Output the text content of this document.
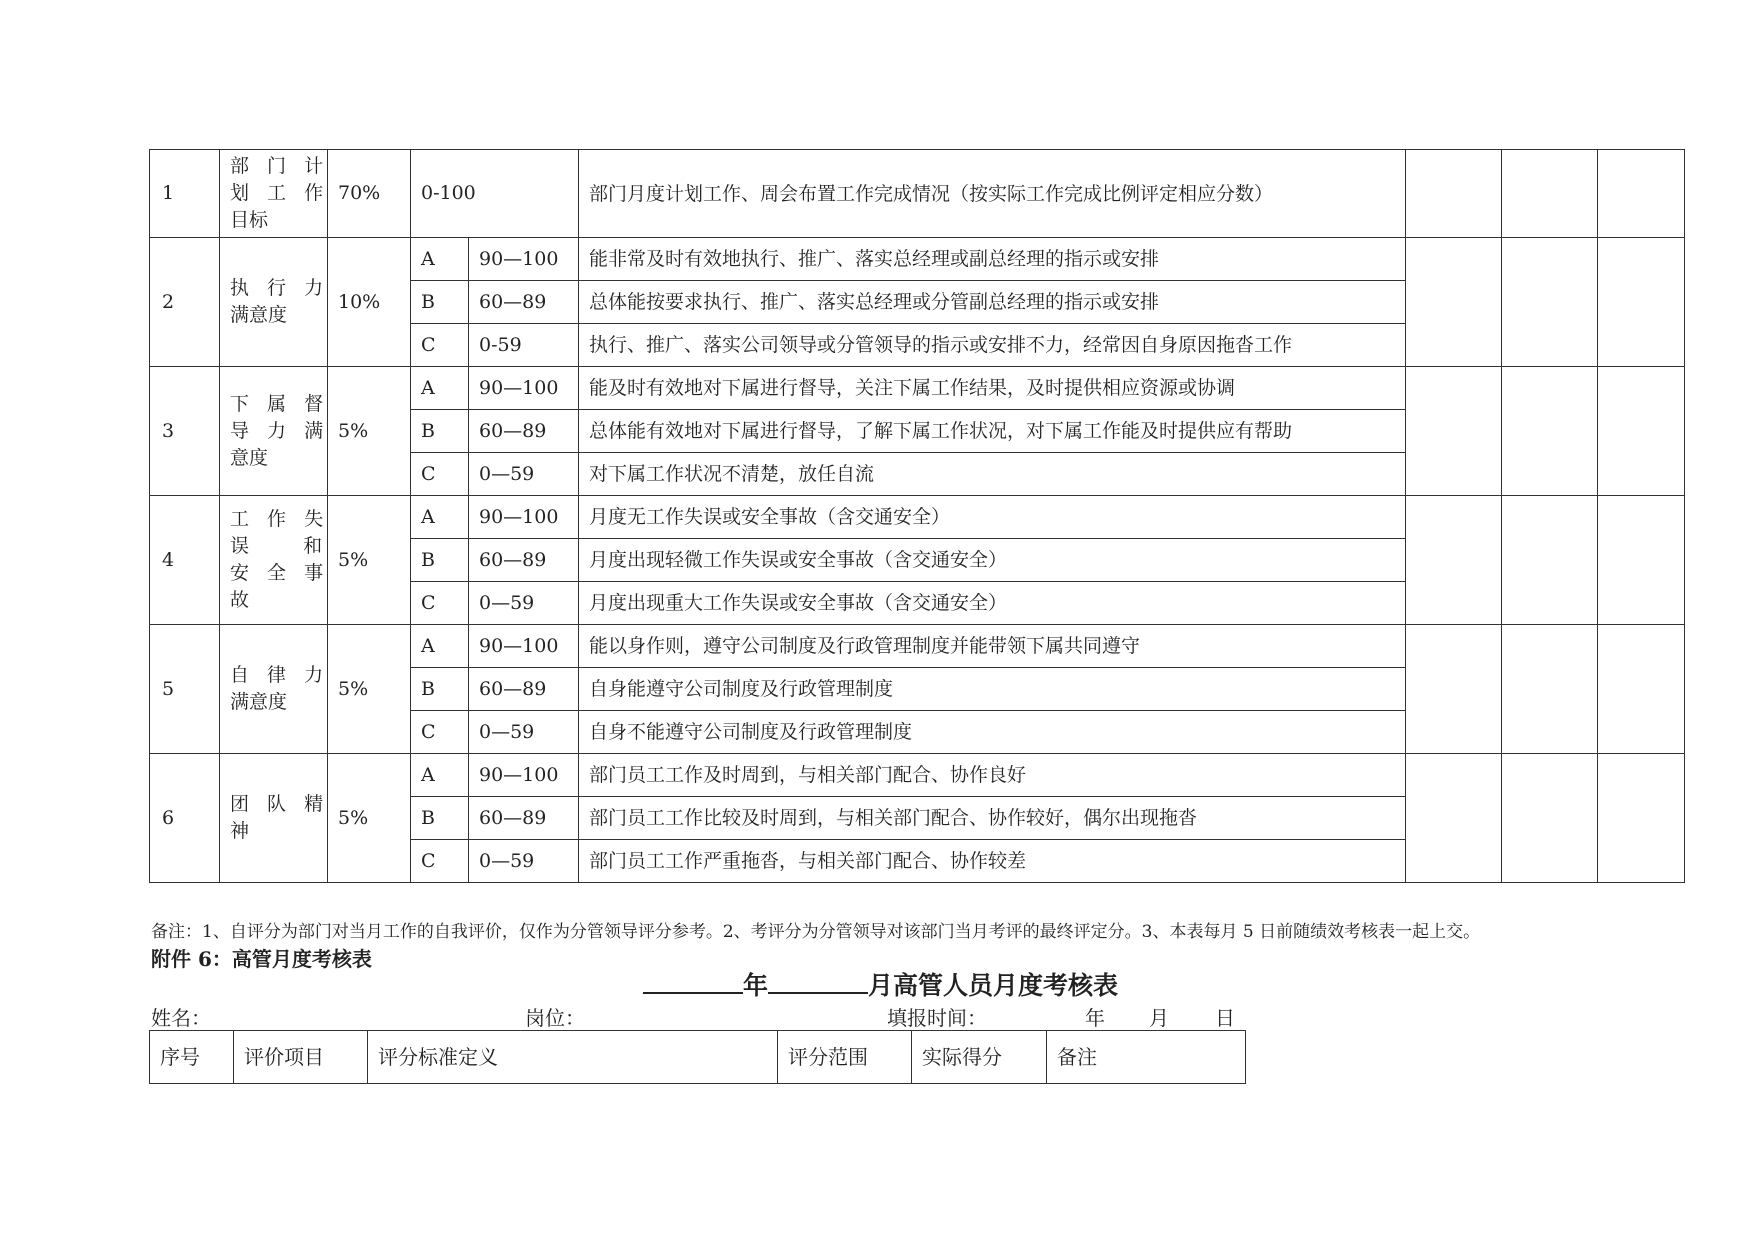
1	部 门 计
划 工 作
目标	70%	0-100		部门月度计划工作、周会布置工作完成情况（按实际工作完成比例评定相应分数）			
2	执 行 力
满意度	10%	A	90—100	能非常及时有效地执行、推广、落实总经理或副总经理的指示或安排			
			B	60—89	总体能按要求执行、推广、落实总经理或分管副总经理的指示或安排			
			C	0-59	执行、推广、落实公司领导或分管领导的指示或安排不力，经常因自身原因拖沓工作			
3	下 属 督
导 力 满
意度	5%	A	90—100	能及时有效地对下属进行督导，关注下属工作结果，及时提供相应资源或协调			
			B	60—89	总体能有效地对下属进行督导，了解下属工作状况，对下属工作能及时提供应有帮助			
			C	0—59	对下属工作状况不清楚，放任自流			
4	工 作 失
误    和
安 全 事
故	5%	A	90—100	月度无工作失误或安全事故（含交通安全）			
			B	60—89	月度出现轻微工作失误或安全事故（含交通安全）			
			C	0—59	月度出现重大工作失误或安全事故（含交通安全）			
5	自 律 力
满意度	5%	A	90—100	能以身作则，遵守公司制度及行政管理制度并能带领下属共同遵守			
			B	60—89	自身能遵守公司制度及行政管理制度			
			C	0—59	自身不能遵守公司制度及行政管理制度			
6	团 队 精
神	5%	A	90—100	部门员工工作及时周到，与相关部门配合、协作良好			
			B	60—89	部门员工工作比较及时周到，与相关部门配合、协作较好，偶尔出现拖沓			
			C	0—59	部门员工工作严重拖沓，与相关部门配合、协作较差			
备注：1、自评分为部门对当月工作的自我评价，仅作为分管领导评分参考。2、考评分为分管领导对该部门当月考评的最终评定分。3、本表每月 5 日前随绩效考核表一起上交。
附件 6：高管月度考核表
年	月高管人员月度考核表
姓名：	岗位：	填报时间：	年 月 日
序号	评价项目	评分标准定义	评分范围	实际得分	备注
